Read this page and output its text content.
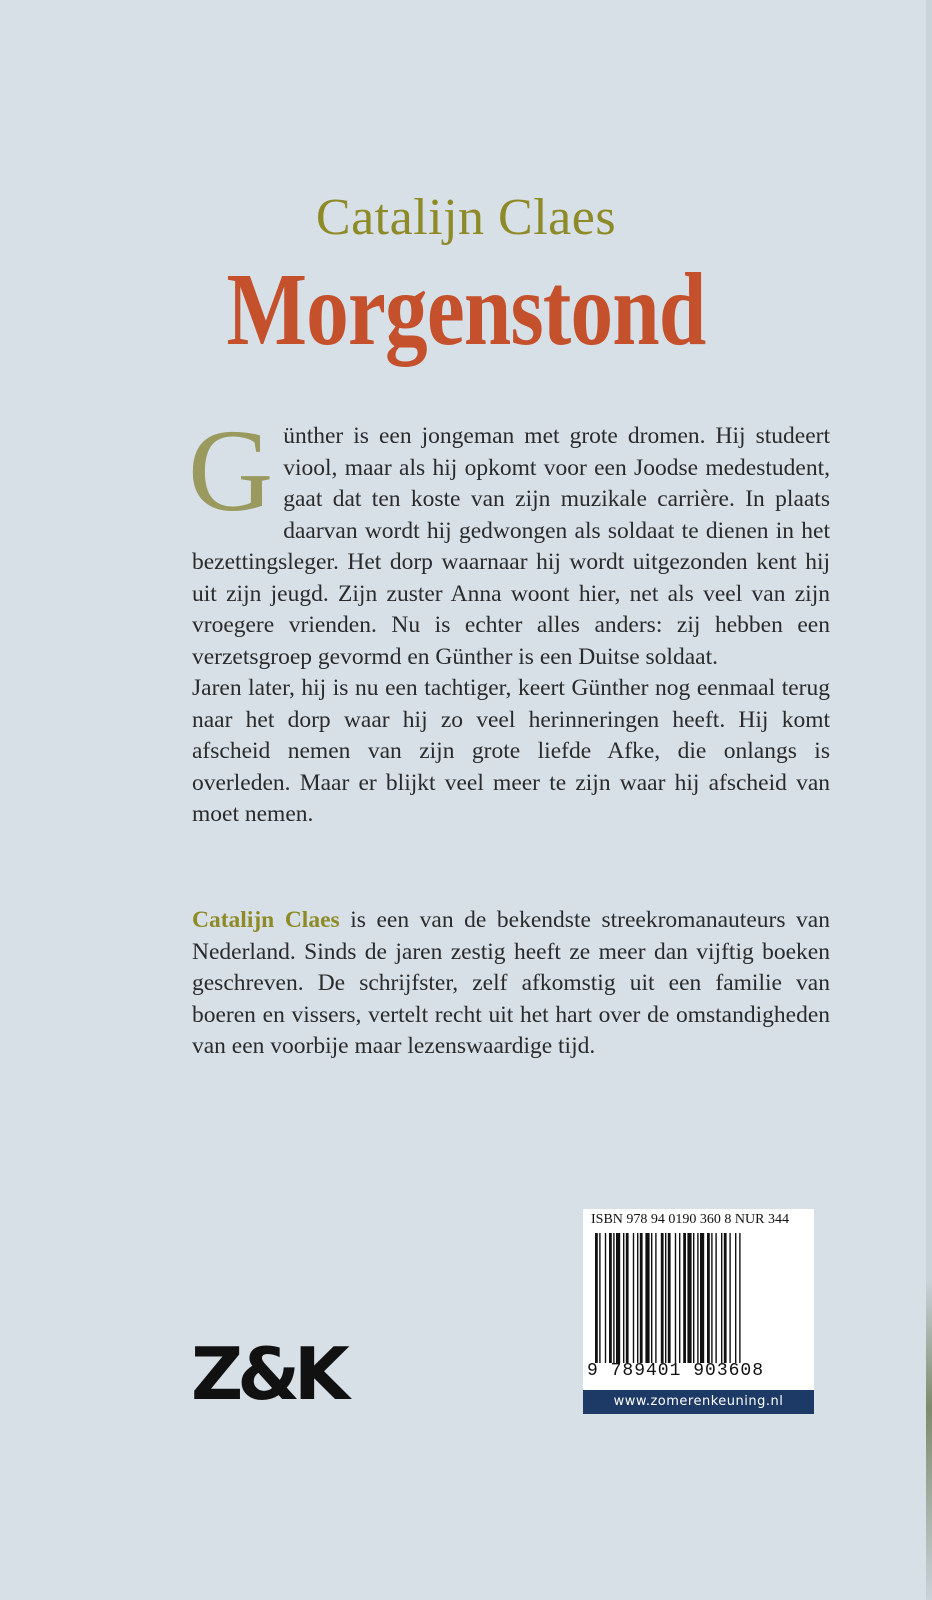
Catalijn Claes
Morgenstond

Günther is een jongeman met grote dromen. Hij studeert viool, maar als hij opkomt voor een Joodse medestudent, gaat dat ten koste van zijn muzikale carrière. In plaats daarvan wordt hij gedwongen als soldaat te dienen in het bezettingsleger. Het dorp waarnaar hij wordt uitgezonden kent hij uit zijn jeugd. Zijn zuster Anna woont hier, net als veel van zijn vroegere vrienden. Nu is echter alles anders: zij hebben een verzetsgroep gevormd en Günther is een Duitse soldaat.

Jaren later, hij is nu een tachtiger, keert Günther nog eenmaal terug naar het dorp waar hij zo veel herinneringen heeft. Hij komt afscheid nemen van zijn grote liefde Afke, die onlangs is overleden. Maar er blijkt veel meer te zijn waar hij afscheid van moet nemen.

Catalijn Claes is een van de bekendste streekromanauteurs van Nederland. Sinds de jaren zestig heeft ze meer dan vijftig boeken geschreven. De schrijfster, zelf afkomstig uit een familie van boeren en vissers, vertelt recht uit het hart over de omstandigheden van een voorbije maar lezenswaardige tijd.

Z&K
ISBN 978 94 0190 360 8 NUR 344
9 789401 903608
www.zomerenkeuning.nl
